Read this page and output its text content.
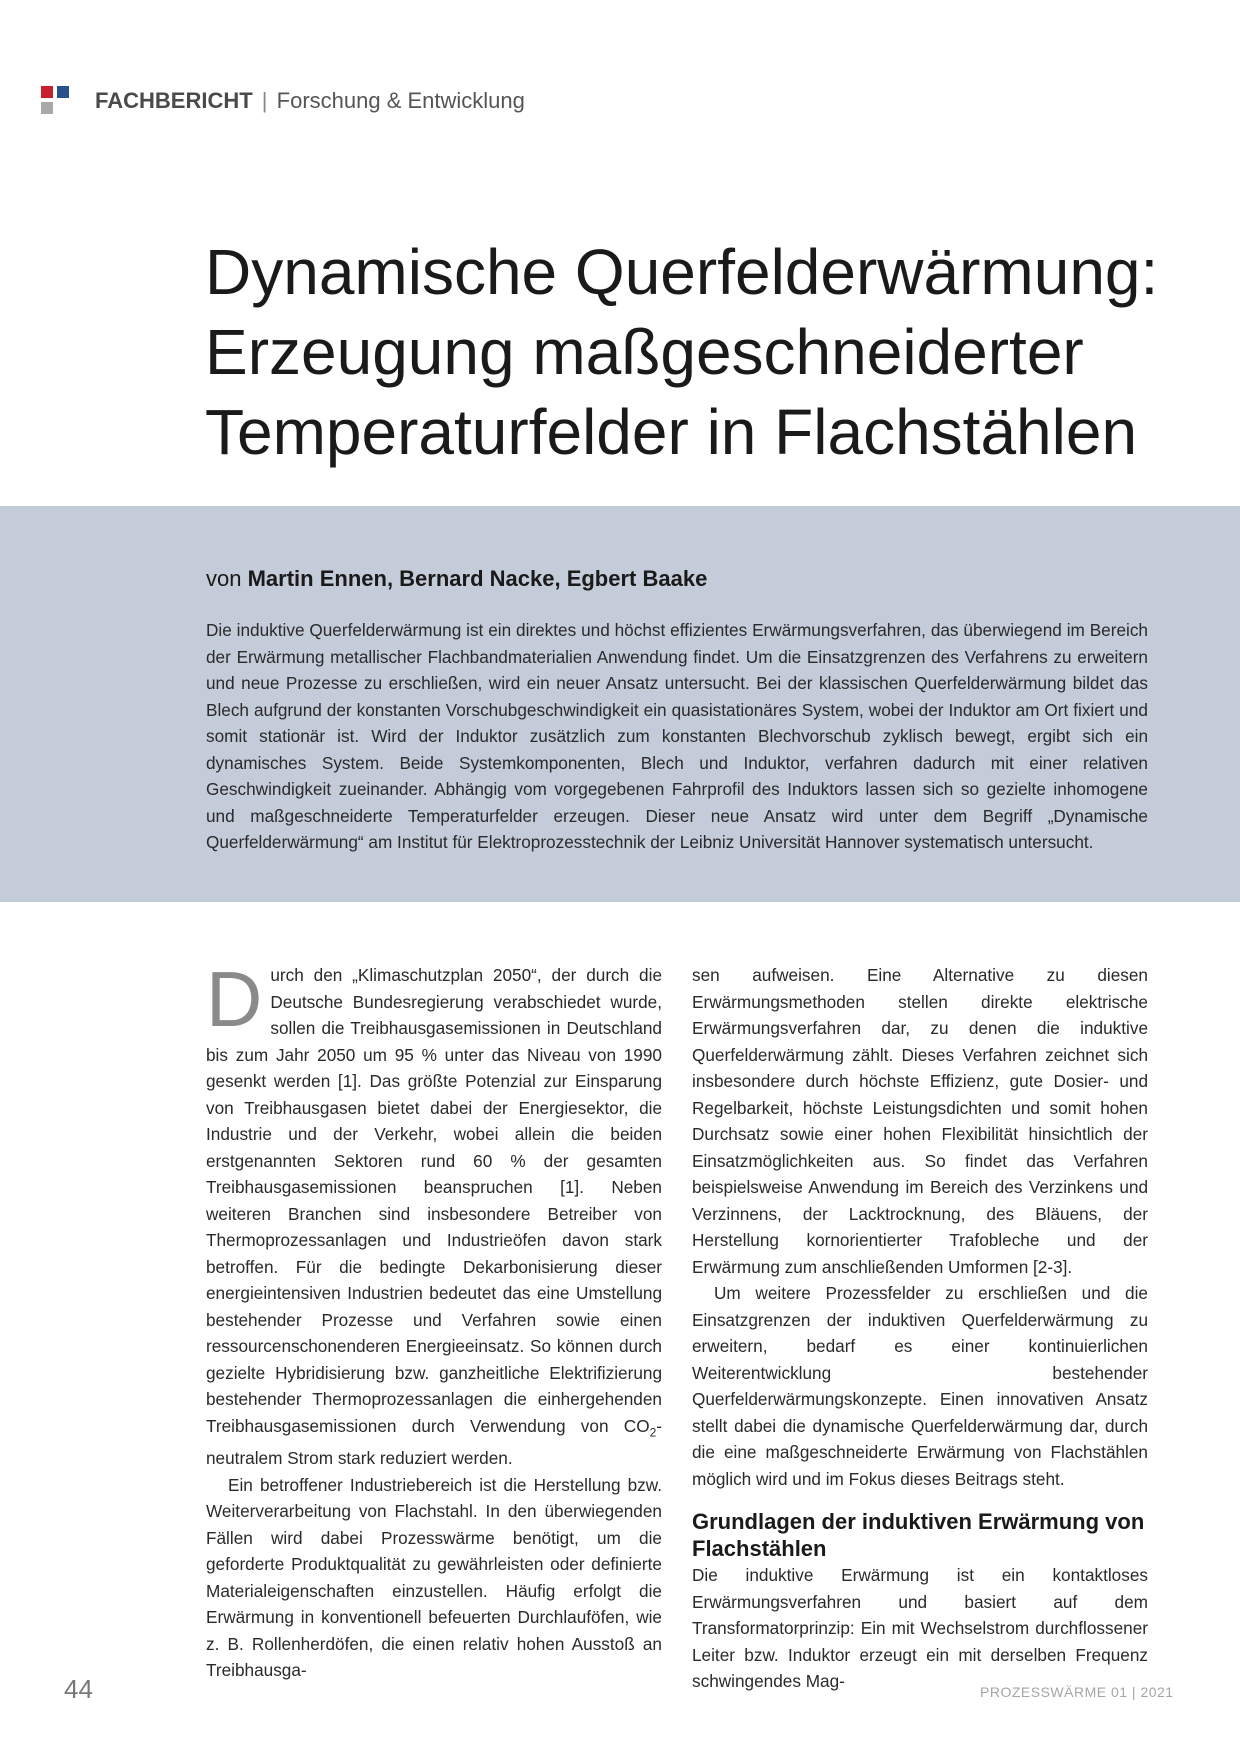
FACHBERICHT | Forschung & Entwicklung
Dynamische Querfelderwärmung:
Erzeugung maßgeschneiderter
Temperaturfelder in Flachstählen
von Martin Ennen, Bernard Nacke, Egbert Baake
Die induktive Querfelderwärmung ist ein direktes und höchst effizientes Erwärmungsverfahren, das überwiegend im Bereich der Erwärmung metallischer Flachbandmaterialien Anwendung findet. Um die Einsatzgrenzen des Verfahrens zu erweitern und neue Prozesse zu erschließen, wird ein neuer Ansatz untersucht. Bei der klassischen Querfelderwärmung bildet das Blech aufgrund der konstanten Vorschubgeschwindigkeit ein quasistationäres System, wobei der Induktor am Ort fixiert und somit stationär ist. Wird der Induktor zusätzlich zum konstanten Blechvorschub zyklisch bewegt, ergibt sich ein dynamisches System. Beide Systemkomponenten, Blech und Induktor, verfahren dadurch mit einer relativen Geschwindigkeit zueinander. Abhängig vom vorgegebenen Fahrprofil des Induktors lassen sich so gezielte inhomogene und maßgeschneiderte Temperaturfelder erzeugen. Dieser neue Ansatz wird unter dem Begriff „Dynamische Querfelderwärmung“ am Institut für Elektroprozesstechnik der Leibniz Universität Hannover systematisch untersucht.

Durch den „Klimaschutzplan 2050“, der durch die Deutsche Bundesregierung verabschiedet wurde, sollen die Treibhausgasemissionen in Deutschland bis zum Jahr 2050 um 95 % unter das Niveau von 1990 gesenkt werden [1]. Das größte Potenzial zur Einsparung von Treibhausgasen bietet dabei der Energiesektor, die Industrie und der Verkehr, wobei allein die beiden erstgenannten Sektoren rund 60 % der gesamten Treibhausgasemissionen beanspruchen [1]. Neben weiteren Branchen sind insbesondere Betreiber von Thermoprozessanlagen und Industrieöfen davon stark betroffen. Für die bedingte Dekarbonisierung dieser energieintensiven Industrien bedeutet das eine Umstellung bestehender Prozesse und Verfahren sowie einen ressourcenschonenderen Energieeinsatz. So können durch gezielte Hybridisierung bzw. ganzheitliche Elektrifizierung bestehender Thermoprozessanlagen die einhergehenden Treibhausgasemissionen durch Verwendung von $CO_2$-neutralem Strom stark reduziert werden.

Ein betroffener Industriebereich ist die Herstellung bzw. Weiterverarbeitung von Flachstahl. In den überwiegenden Fällen wird dabei Prozesswärme benötigt, um die geforderte Produktqualität zu gewährleisten oder definierte Materialeigenschaften einzustellen. Häufig erfolgt die Erwärmung in konventionell befeuerten Durchlauföfen, wie z. B. Rollenherdöfen, die einen relativ hohen Ausstoß an Treibhausga-

sen aufweisen. Eine Alternative zu diesen Erwärmungsmethoden stellen direkte elektrische Erwärmungsverfahren dar, zu denen die induktive Querfelderwärmung zählt. Dieses Verfahren zeichnet sich insbesondere durch höchste Effizienz, gute Dosier- und Regelbarkeit, höchste Leistungsdichten und somit hohen Durchsatz sowie einer hohen Flexibilität hinsichtlich der Einsatzmöglichkeiten aus. So findet das Verfahren beispielsweise Anwendung im Bereich des Verzinkens und Verzinnens, der Lacktrocknung, des Bläuens, der Herstellung kornorientierter Trafobleche und der Erwärmung zum anschließenden Umformen [2-3].

Um weitere Prozessfelder zu erschließen und die Einsatzgrenzen der induktiven Querfelderwärmung zu erweitern, bedarf es einer kontinuierlichen Weiterentwicklung bestehender Querfelderwärmungskonzepte. Einen innovativen Ansatz stellt dabei die dynamische Querfelderwärmung dar, durch die eine maßgeschneiderte Erwärmung von Flachstählen möglich wird und im Fokus dieses Beitrags steht.

Grundlagen der induktiven Erwärmung von Flachstählen

Die induktive Erwärmung ist ein kontaktloses Erwärmungsverfahren und basiert auf dem Transformatorprinzip: Ein mit Wechselstrom durchflossener Leiter bzw. Induktor erzeugt ein mit derselben Frequenz schwingendes Mag-

44	PROZESSWÄRME 01 | 2021
